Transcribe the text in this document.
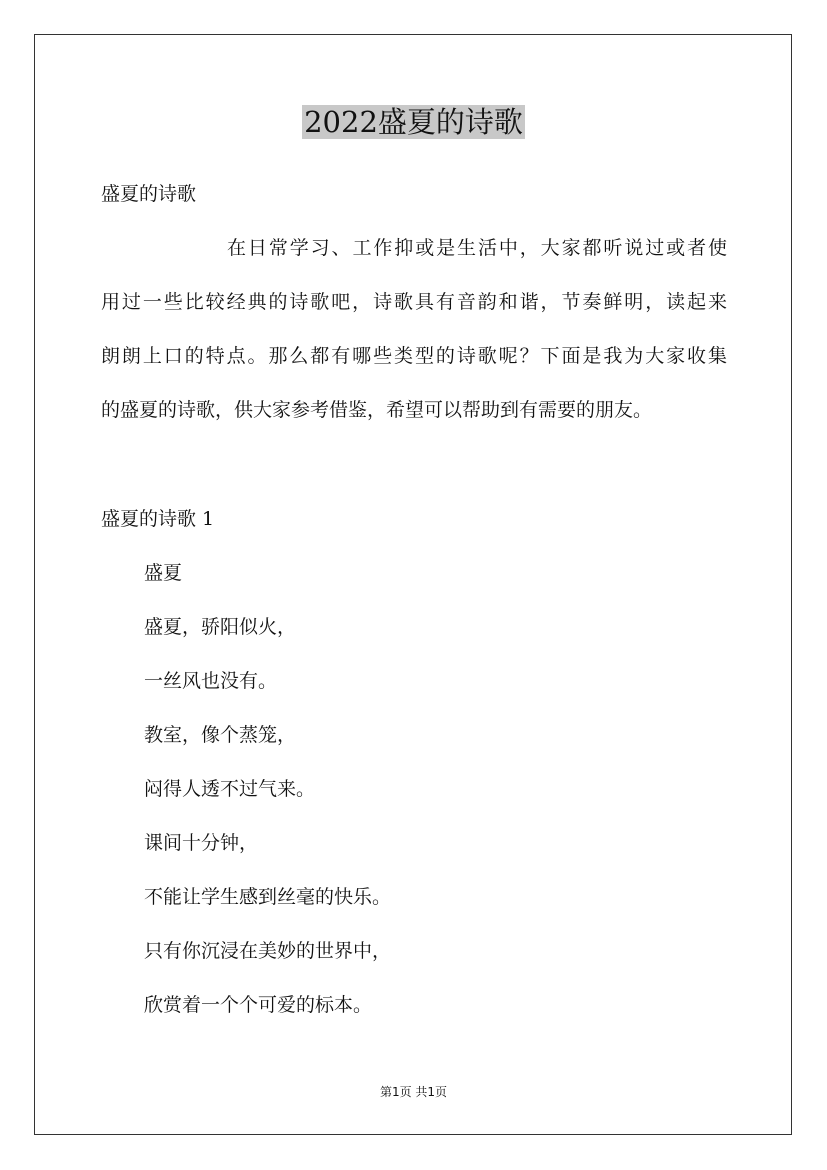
2022盛夏的诗歌
盛夏的诗歌
在日常学习、工作抑或是生活中，大家都听说过或者使
用过一些比较经典的诗歌吧，诗歌具有音韵和谐，节奏鲜明，读起来
朗朗上口的特点。那么都有哪些类型的诗歌呢？下面是我为大家收集
的盛夏的诗歌，供大家参考借鉴，希望可以帮助到有需要的朋友。
盛夏的诗歌 1
盛夏
盛夏，骄阳似火，
一丝风也没有。
教室，像个蒸笼，
闷得人透不过气来。
课间十分钟，
不能让学生感到丝毫的快乐。
只有你沉浸在美妙的世界中，
欣赏着一个个可爱的标本。
第1页 共1页
